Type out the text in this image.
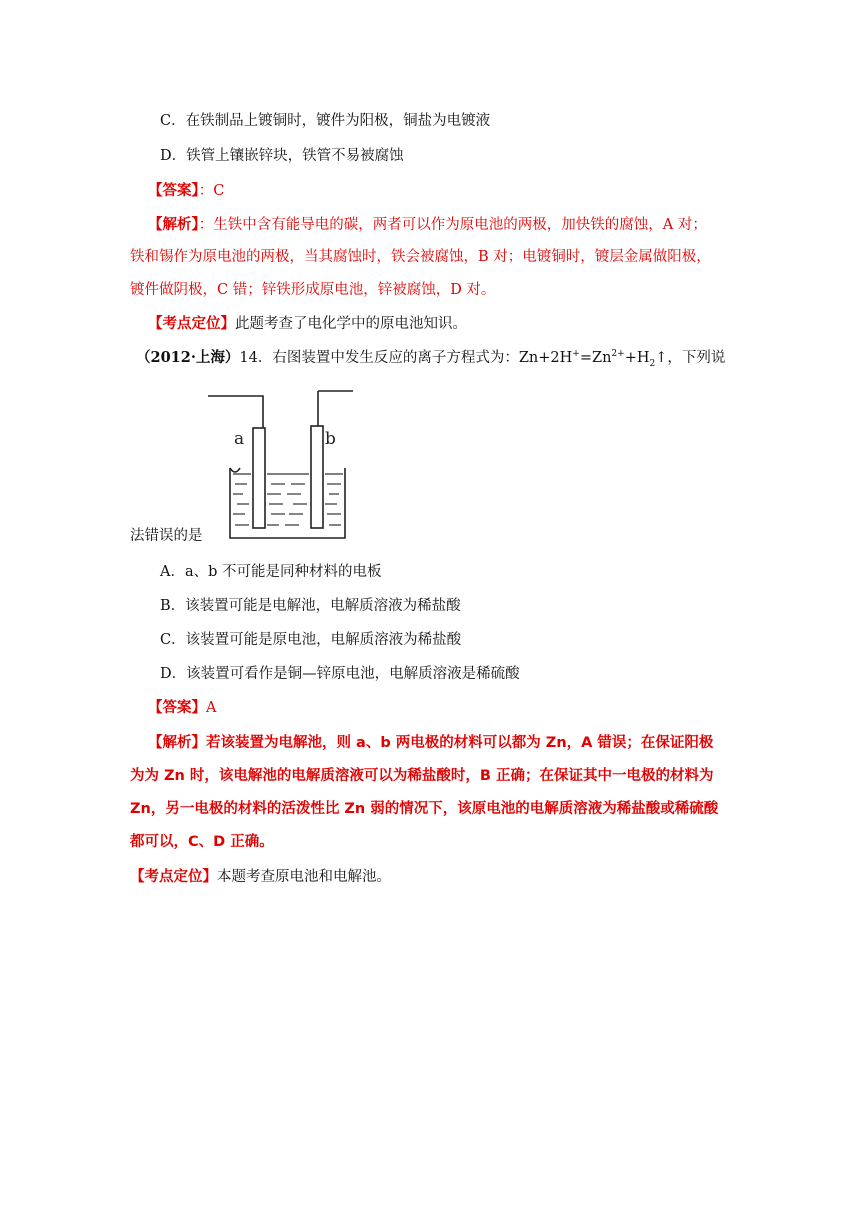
C．在铁制品上镀铜时，镀件为阳极，铜盐为电镀液
D．铁管上镶嵌锌块，铁管不易被腐蚀
【答案】：C
【解析】：生铁中含有能导电的碳，两者可以作为原电池的两极，加快铁的腐蚀，A 对；
铁和锡作为原电池的两极，当其腐蚀时，铁会被腐蚀，B 对；电镀铜时，镀层金属做阳极，
镀件做阴极，C 错；锌铁形成原电池，锌被腐蚀，D 对。
【考点定位】此题考查了电化学中的原电池知识。
（2012·上海）14．右图装置中发生反应的离子方程式为：$Zn+2H^+=Zn^{2+}+H_2↑$，下列说
a	b
法错误的是
A．a、b 不可能是同种材料的电板
B．该装置可能是电解池，电解质溶液为稀盐酸
C．该装置可能是原电池，电解质溶液为稀盐酸
D．该装置可看作是铜—锌原电池，电解质溶液是稀硫酸
【答案】A
【解析】若该装置为电解池，则 a、b 两电极的材料可以都为 Zn，A 错误；在保证阳极
为为 Zn 时，该电解池的电解质溶液可以为稀盐酸时，B 正确；在保证其中一电极的材料为
Zn，另一电极的材料的活泼性比 Zn 弱的情况下，该原电池的电解质溶液为稀盐酸或稀硫酸
都可以，C、D 正确。
【考点定位】本题考查原电池和电解池。
